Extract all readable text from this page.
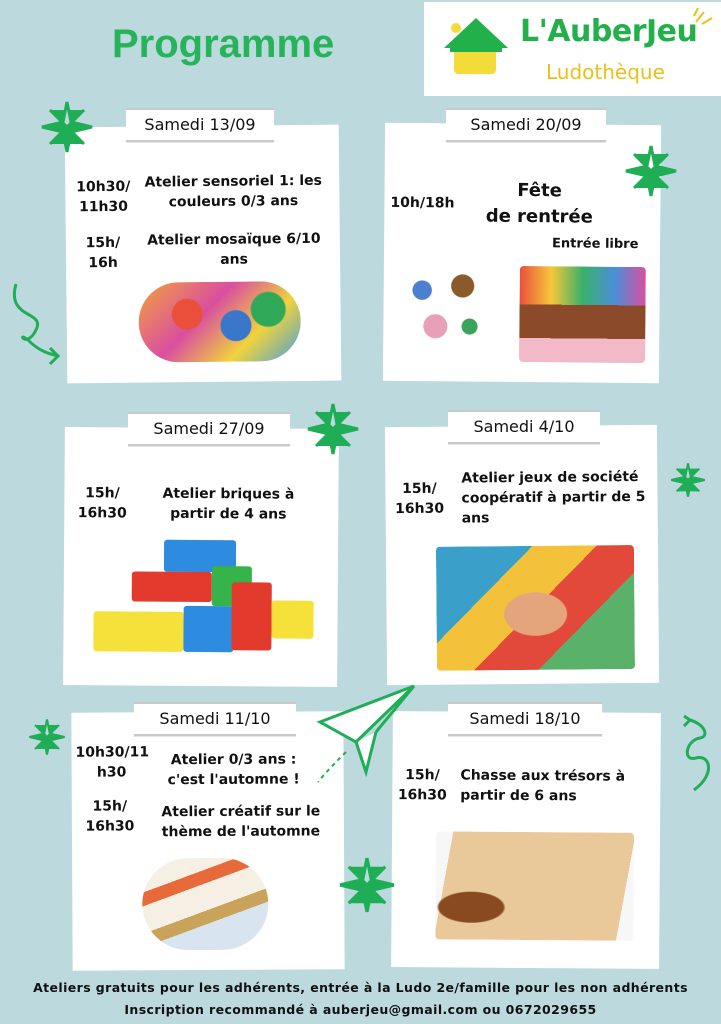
Programme	L'AuberJeu
Ludothèque
10h30/
11h30
Atelier sensoriel 1: les couleurs 0/3 ans
15h/
16h
Atelier mosaïque 6/10 ans
Samedi 13/09
10h/18h
Fête
de rentrée
Entrée libre
Samedi 20/09
15h/
16h30
Atelier briques à partir de 4 ans
Samedi 27/09
15h/
16h30
Atelier jeux de société coopératif à partir de 5 ans
Samedi 4/10
10h30/11
h30
Atelier 0/3 ans : c'est l'automne !
15h/
16h30
Atelier créatif sur le thème de l'automne
Samedi 11/10
15h/
16h30
Chasse aux trésors à partir de 6 ans
Samedi 18/10
Ateliers gratuits pour les adhérents, entrée à la Ludo 2e/famille pour les non adhérents
Inscription recommandé à auberjeu@gmail.com ou 0672029655
